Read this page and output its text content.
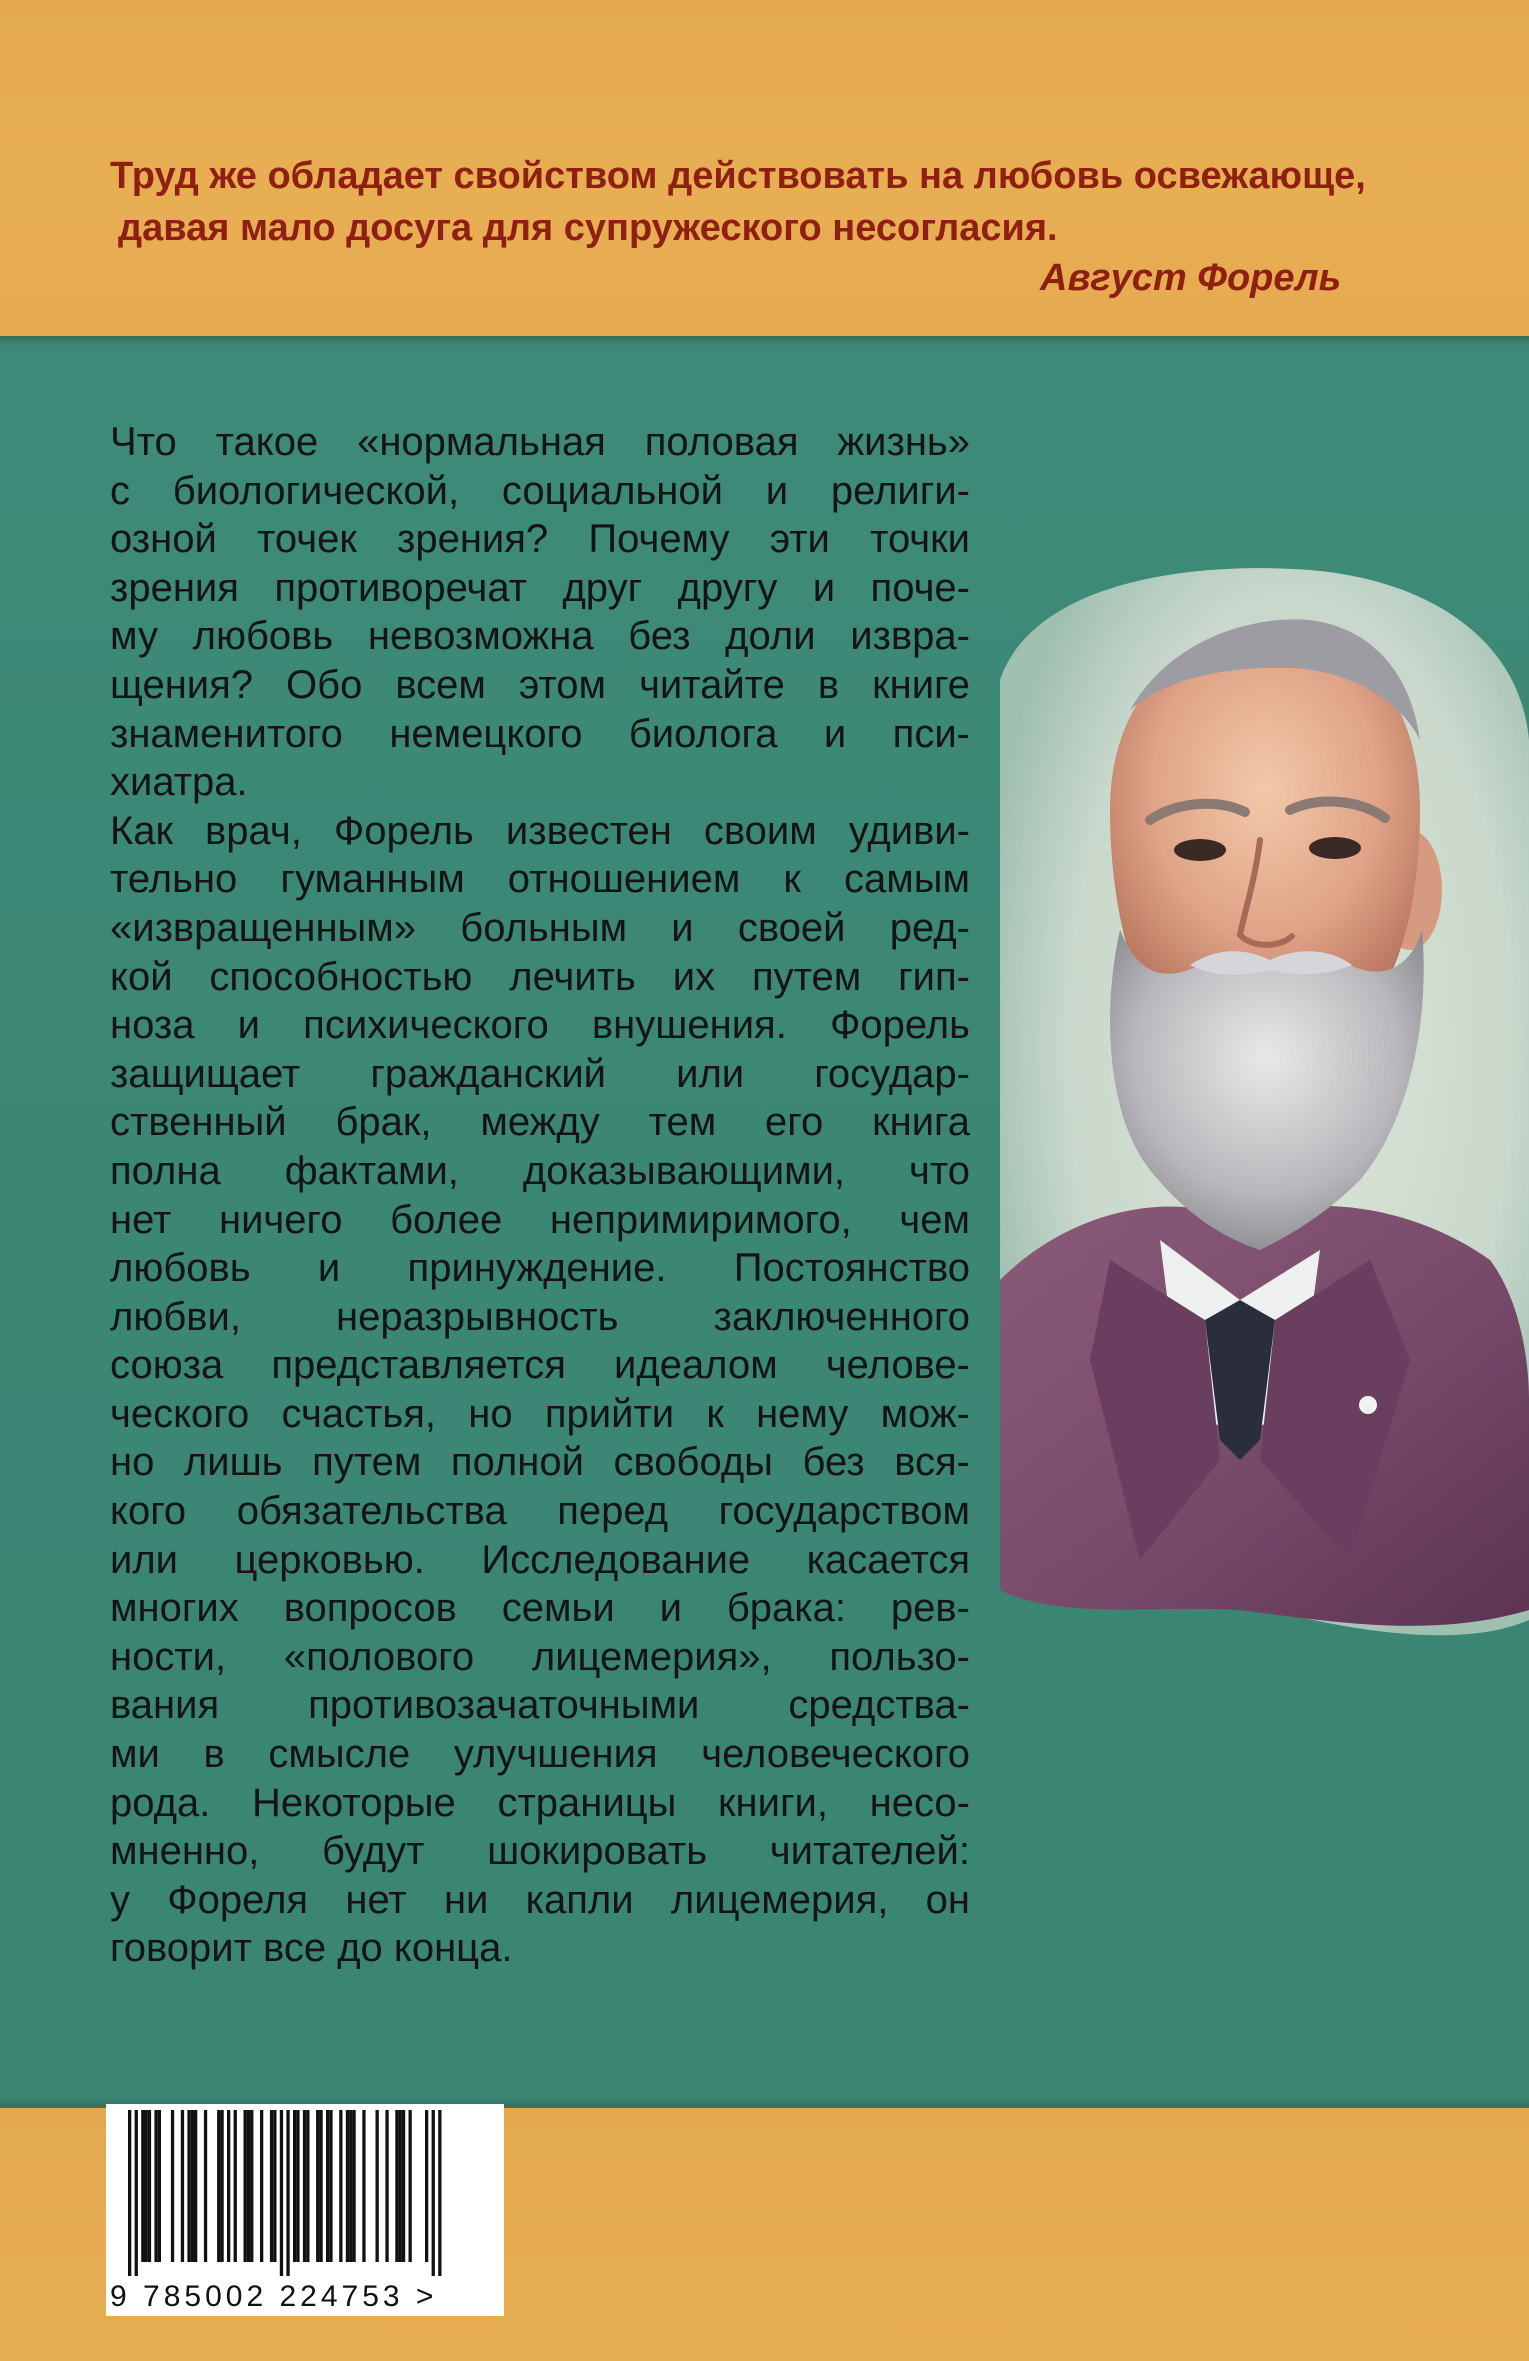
Труд же обладает свойством действовать на любовь освежающе,
давая мало досуга для супружеского несогласия.
Август Форель
Что такое «нормальная половая жизнь»
с биологической, социальной и религи-
озной точек зрения? Почему эти точки
зрения противоречат друг другу и поче-
му любовь невозможна без доли извра-
щения? Обо всем этом читайте в книге
знаменитого немецкого биолога и пси-
хиатра.
Как врач, Форель известен своим удиви-
тельно гуманным отношением к самым
«извращенным» больным и своей ред-
кой способностью лечить их путем гип-
ноза и психического внушения. Форель
защищает гражданский или государ-
ственный брак, между тем его книга
полна фактами, доказывающими, что
нет ничего более непримиримого, чем
любовь и принуждение. Постоянство
любви, неразрывность заключенного
союза представляется идеалом челове-
ческого счастья, но прийти к нему мож-
но лишь путем полной свободы без вся-
кого обязательства перед государством
или церковью. Исследование касается
многих вопросов семьи и брака: рев-
ности, «полового лицемерия», пользо-
вания противозачаточными средства-
ми в смысле улучшения человеческого
рода. Некоторые страницы книги, несо-
мненно, будут шокировать читателей:
у Фореля нет ни капли лицемерия, он
говорит все до конца.
9 785002 224753 >
